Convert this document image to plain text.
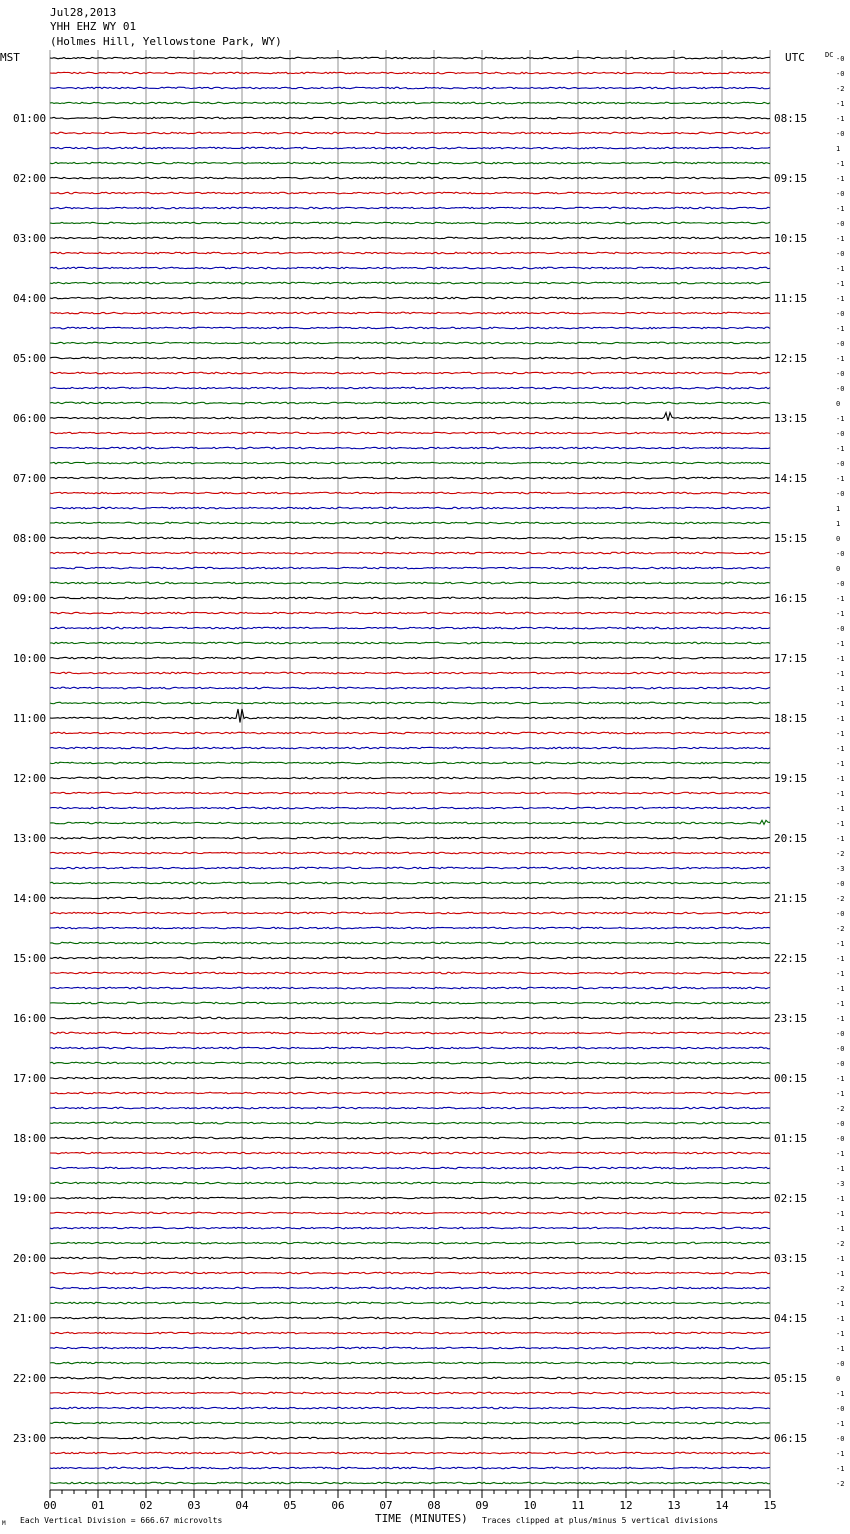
Jul28,2013
YHH EHZ WY 01
(Holmes Hill, Yellowstone Park, WY)
MST	UTC	DC
01:00
02:00
03:00
04:00
05:00
06:00
07:00
08:00
09:00
10:00
11:00
12:00
13:00
14:00
15:00
16:00
17:00
18:00
19:00
20:00
21:00
22:00
23:00
08:15
09:15
10:15
11:15
12:15
13:15
14:15
15:15
16:15
17:15
18:15
19:15
20:15
21:15
22:15
23:15
00:15
01:15
02:15
03:15
04:15
05:15
06:15
-0
-0
-2
-1
-1
-0
1
-1
-1
-0
-1
-0
-1
-0
-1
-1
-1
-0
-1
-0
-1
-0
-0
0
-1
-0
-1
-0
-1
-0
1
1
0
-0
0
-0
-1
-1
-0
-1
-1
-1
-1
-1
-1
-1
-1
-1
-1
-1
-1
-1
-1
-2
-3
-0
-2
-0
-2
-1
-1
-1
-1
-1
-1
-0
-0
-0
-1
-1
-2
-0
-0
-1
-1
-3
-1
-1
-1
-2
-1
-1
-2
-1
-1
-1
-1
-0
0
-1
-0
-1
-0
-1
-1
-2
00	01	02	03	04	05	06	07	08	09	10	11	12	13	14	15
TIME (MINUTES)
Each Vertical Division = 666.67 microvolts	Traces clipped at plus/minus 5 vertical divisions
M
